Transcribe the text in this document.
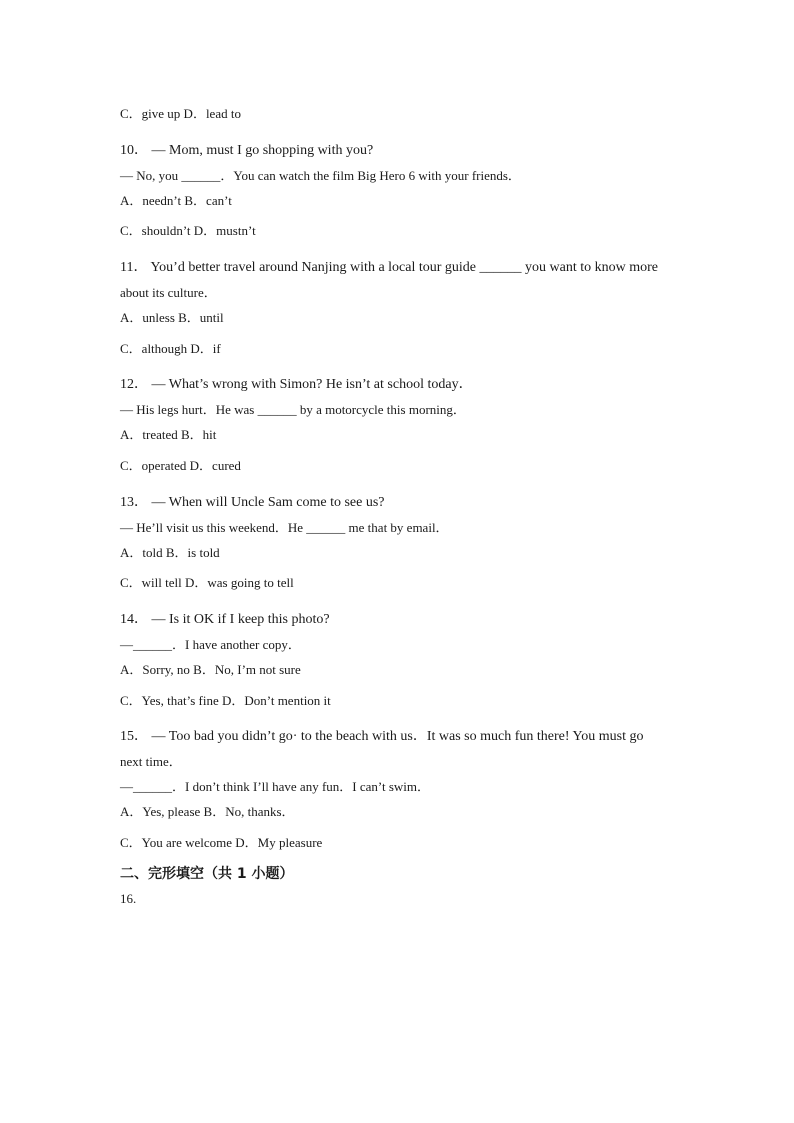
C．give up D．lead to
10． — Mom, must I go shopping with you?
— No, you ______．You can watch the film Big Hero 6 with your friends．
A．needn’t B．can’t
C．shouldn’t D．mustn’t
11． You’d better travel around Nanjing with a local tour guide ______ you want to know more
about its culture．
A．unless B．until
C．although D．if
12． — What’s wrong with Simon? He isn’t at school today．
— His legs hurt．He was ______ by a motorcycle this morning．
A．treated B．hit
C．operated D．cured
13． — When will Uncle Sam come to see us?
— He’ll visit us this weekend．He ______ me that by email．
A．told B．is told
C．will tell D．was going to tell
14． — Is it OK if I keep this photo?
—______．I have another copy．
A．Sorry, no B．No, I’m not sure
C．Yes, that’s fine D．Don’t mention it
15． — Too bad you didn’t go· to the beach with us．It was so much fun there! You must go
next time．
—______．I don’t think I’ll have any fun．I can’t swim．
A．Yes, please B．No, thanks．
C．You are welcome D．My pleasure
二、完形填空（共 1 小题）
16.
